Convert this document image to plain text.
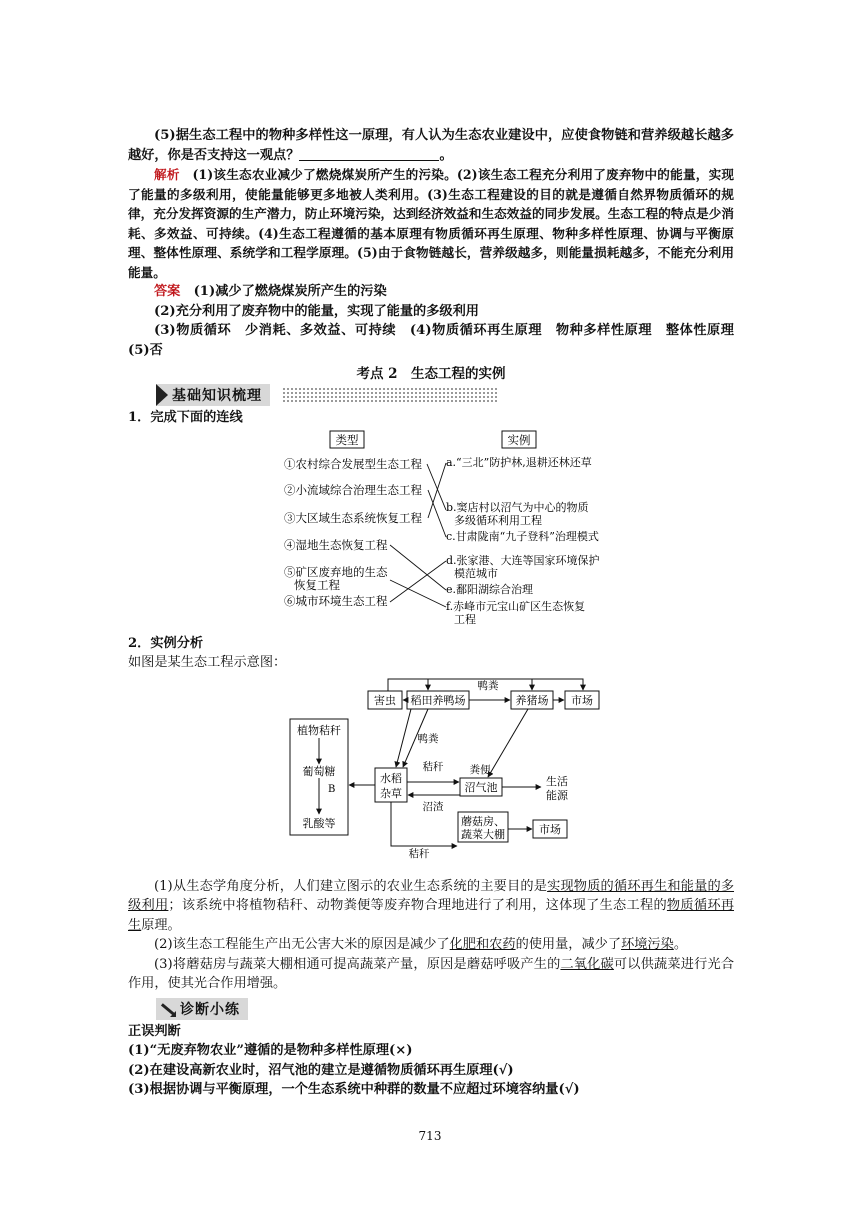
(5)据生态工程中的物种多样性这一原理，有人认为生态农业建设中，应使食物链和营养级越长越多越好，你是否支持这一观点？	。

解析　 (1)该生态农业减少了燃烧煤炭所产生的污染。(2)该生态工程充分利用了废弃物中的能量，实现了能量的多级利用，使能量能够更多地被人类利用。(3)生态工程建设的目的就是遵循自然界物质循环的规律，充分发挥资源的生产潜力，防止环境污染，达到经济效益和生态效益的同步发展。生态工程的特点是少消耗、多效益、可持续。(4)生态工程遵循的基本原理有物质循环再生原理、物种多样性原理、协调与平衡原理、整体性原理、系统学和工程学原理。(5)由于食物链越长，营养级越多，则能量损耗越多，不能充分利用能量。

答案　 (1)减少了燃烧煤炭所产生的污染

(2)充分利用了废弃物中的能量，实现了能量的多级利用

(3)物质循环　少消耗、多效益、可持续　(4)物质循环再生原理　物种多样性原理　整体性原理　(5)否

考点 2　生态工程的实例
基础知识梳理

1．完成下面的连线

类型	实例
①农村综合发展型生态工程
②小流域综合治理生态工程
③大区域生态系统恢复工程
④湿地生态恢复工程
⑤矿区废弃地的生态
恢复工程
⑥城市环境生态工程
a.“三北”防护林,退耕还林还草
b.窦店村以沼气为中心的物质
多级循环利用工程
c.甘肃陇南“九子登科”治理模式
d.张家港、大连等国家环境保护
模范城市
e.鄱阳湖综合治理
f.赤峰市元宝山矿区生态恢复
工程

2．实例分析

如图是某生态工程示意图：

害虫 稻田养鸭场	养猪场 市场
植物秸秆
葡萄糖
B
乳酸等
水稻
杂草	沼气池	生活
能源
蘑菇房、
蔬菜大棚	市场
鸭粪
鸭粪
秸秆 粪便
沼渣
秸秆

(1)从生态学角度分析，人们建立图示的农业生态系统的主要目的是实现物质的循环再生和能量的多级利用；该系统中将植物秸秆、动物粪便等废弃物合理地进行了利用，这体现了生态工程的物质循环再生原理。

(2)该生态工程能生产出无公害大米的原因是减少了化肥和农药的使用量，减少了环境污染。

(3)将蘑菇房与蔬菜大棚相通可提高蔬菜产量，原因是蘑菇呼吸产生的二氧化碳可以供蔬菜进行光合作用，使其光合作用增强。

诊断小练

正误判断

(1)“无废弃物农业”遵循的是物种多样性原理(×)

(2)在建设高新农业时，沼气池的建立是遵循物质循环再生原理(√)

(3)根据协调与平衡原理，一个生态系统中种群的数量不应超过环境容纳量(√)

713
